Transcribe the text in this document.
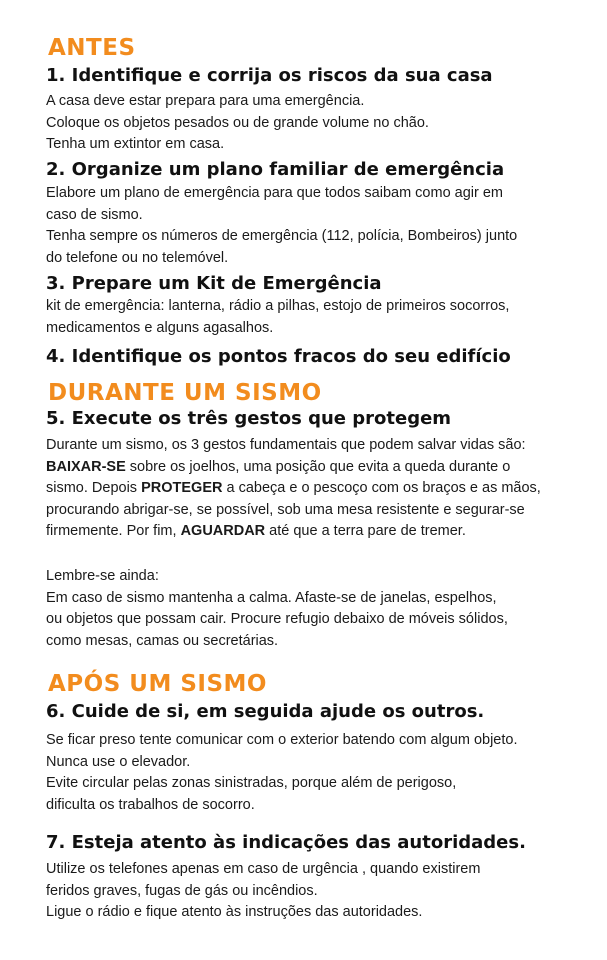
ANTES
1. Identifique e corrija os riscos da sua casa
A casa deve estar prepara para uma emergência.
Coloque os objetos pesados ou de grande volume no chão.
Tenha um extintor em casa.
2. Organize um plano familiar de emergência
Elabore um plano de emergência para que todos saibam como agir em
caso de sismo.
Tenha sempre os números de emergência (112, polícia, Bombeiros) junto
do telefone ou no telemóvel.
3. Prepare um Kit de Emergência
kit de emergência: lanterna, rádio a pilhas, estojo de primeiros socorros,
medicamentos e alguns agasalhos.
4. Identifique os pontos fracos do seu edifício
DURANTE UM SISMO
5. Execute os três gestos que protegem
Durante um sismo, os 3 gestos fundamentais que podem salvar vidas são:
BAIXAR-SE sobre os joelhos, uma posição que evita a queda durante o
sismo. Depois PROTEGER a cabeça e o pescoço com os braços e as mãos,
procurando abrigar-se, se possível, sob uma mesa resistente e segurar-se
firmemente. Por fim, AGUARDAR até que a terra pare de tremer.
Lembre-se ainda:
Em caso de sismo mantenha a calma. Afaste-se de janelas, espelhos,
ou objetos que possam cair. Procure refugio debaixo de móveis sólidos,
como mesas, camas ou secretárias.
APÓS UM SISMO
6. Cuide de si, em seguida ajude os outros.
Se ficar preso tente comunicar com o exterior batendo com algum objeto.
Nunca use o elevador.
Evite circular pelas zonas sinistradas, porque além de perigoso,
dificulta os trabalhos de socorro.
7. Esteja atento às indicações das autoridades.
Utilize os telefones apenas em caso de urgência , quando existirem
feridos graves, fugas de gás ou incêndios.
Ligue o rádio e fique atento às instruções das autoridades.
